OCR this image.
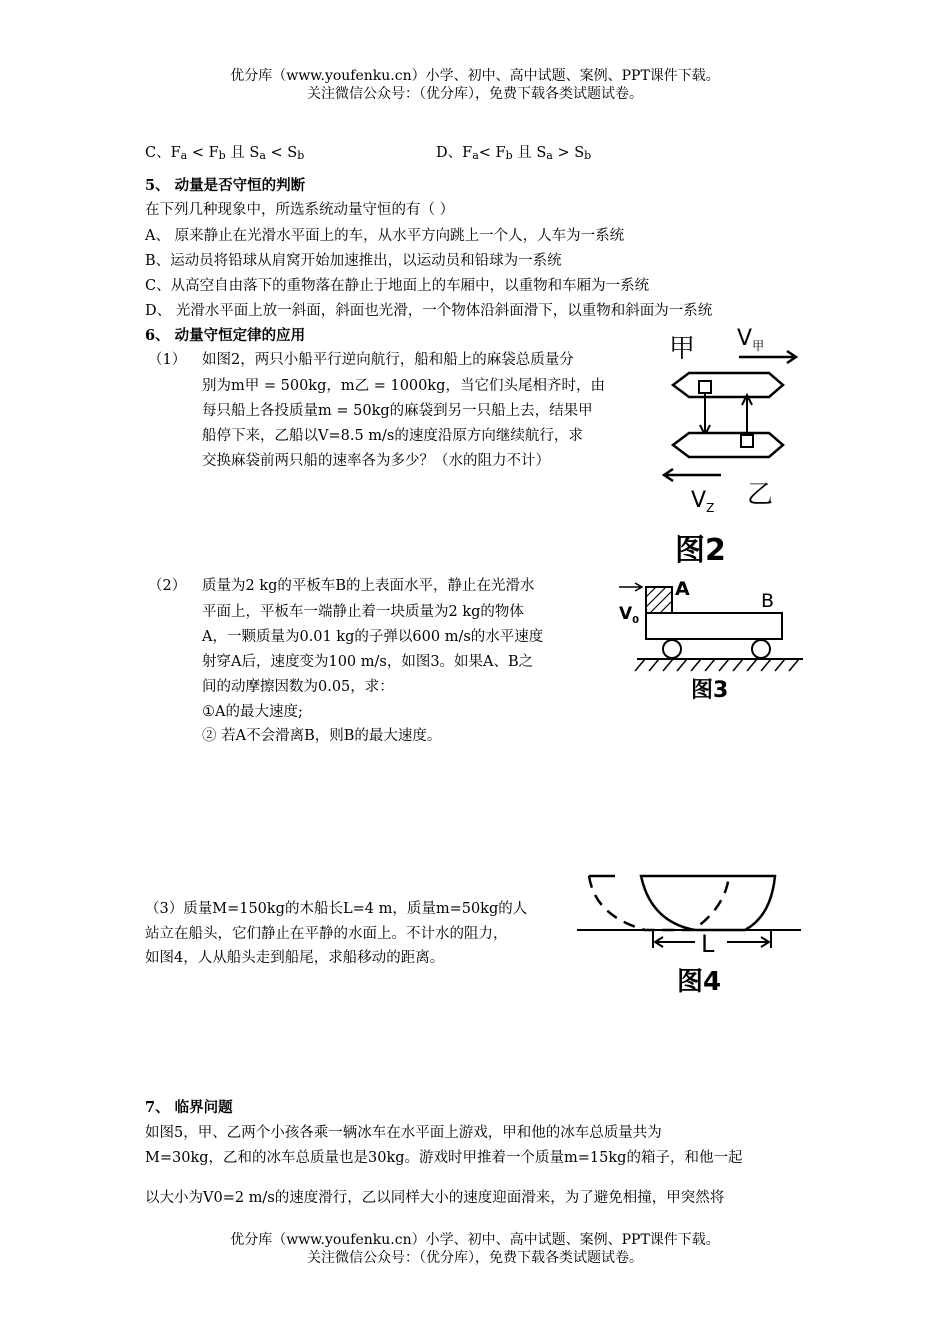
优分库（www.youfenku.cn）小学、初中、高中试题、案例、PPT课件下载。
关注微信公众号：（优分库），免费下载各类试题试卷。
C、Fa < Fb 且 Sa < Sb	D、Fa< Fb 且 Sa > Sb
5、 动量是否守恒的判断
在下列几种现象中，所选系统动量守恒的有（ ）
A、 原来静止在光滑水平面上的车，从水平方向跳上一个人，人车为一系统
B、运动员将铅球从肩窝开始加速推出，以运动员和铅球为一系统
C、从高空自由落下的重物落在静止于地面上的车厢中，以重物和车厢为一系统
D、 光滑水平面上放一斜面，斜面也光滑，一个物体沿斜面滑下，以重物和斜面为一系统
6、 动量守恒定律的应用
（1） 如图2，两只小船平行逆向航行，船和船上的麻袋总质量分
别为m甲 = 500kg，m乙 = 1000kg，当它们头尾相齐时，由
每只船上各投质量m = 50kg的麻袋到另一只船上去，结果甲
船停下来，乙船以V=8.5 m/s的速度沿原方向继续航行，求
交换麻袋前两只船的速率各为多少？（水的阻力不计）
甲 $V_甲$
$V_Z$ 乙
图2
（2） 质量为2 kg的平板车B的上表面水平，静止在光滑水
平面上，平板车一端静止着一块质量为2 kg的物体
A，一颗质量为0.01 kg的子弹以600 m/s的水平速度
射穿A后，速度变为100 m/s，如图3。如果A、B之
间的动摩擦因数为0.05，求：
①A的最大速度;
② 若A不会滑离B，则B的最大速度。
$V_0$
A
B
图3
（3）质量M=150kg的木船长L=4 m，质量m=50kg的人
站立在船头，它们静止在平静的水面上。不计水的阻力，
如图4，人从船头走到船尾，求船移动的距离。	L
图4
7、 临界问题
如图5，甲、乙两个小孩各乘一辆冰车在水平面上游戏，甲和他的冰车总质量共为
M=30kg，乙和的冰车总质量也是30kg。游戏时甲推着一个质量m=15kg的箱子，和他一起
以大小为V0=2 m/s的速度滑行，乙以同样大小的速度迎面滑来，为了避免相撞，甲突然将
优分库（www.youfenku.cn）小学、初中、高中试题、案例、PPT课件下载。
关注微信公众号：（优分库），免费下载各类试题试卷。
